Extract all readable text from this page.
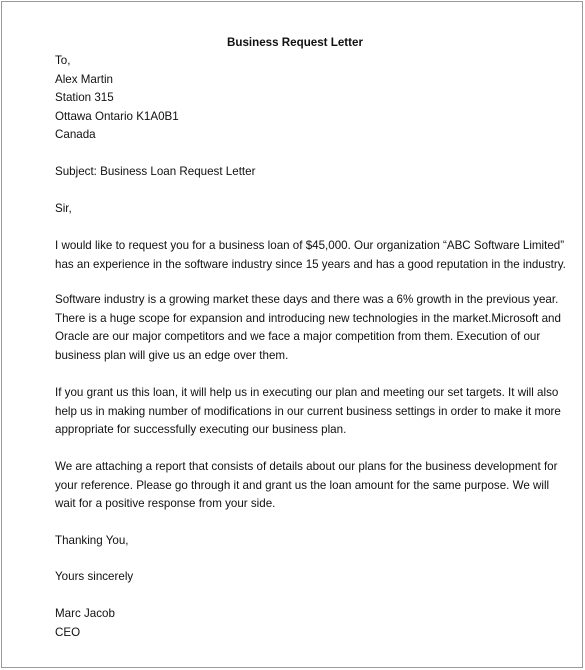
Business Request Letter

To,

Alex Martin

Station 315

Ottawa Ontario K1A0B1

Canada

Subject: Business Loan Request Letter

Sir,

I would like to request you for a business loan of $45,000. Our organization “ABC Software Limited”

has an experience in the software industry since 15 years and has a good reputation in the industry.

Software industry is a growing market these days and there was a 6% growth in the previous year.

There is a huge scope for expansion and introducing new technologies in the market.Microsoft and

Oracle are our major competitors and we face a major competition from them. Execution of our

business plan will give us an edge over them.

If you grant us this loan, it will help us in executing our plan and meeting our set targets. It will also

help us in making number of modifications in our current business settings in order to make it more

appropriate for successfully executing our business plan.

We are attaching a report that consists of details about our plans for the business development for

your reference. Please go through it and grant us the loan amount for the same purpose. We will

wait for a positive response from your side.

Thanking You,

Yours sincerely

Marc Jacob

CEO
